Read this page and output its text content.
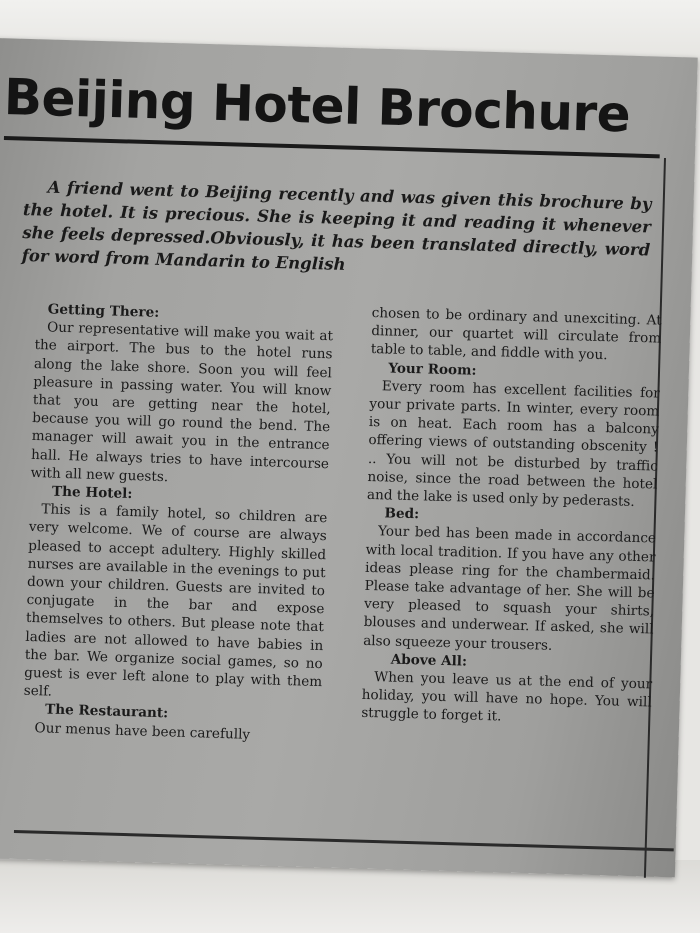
Beijing Hotel Brochure

A friend went to Beijing recently and was given this brochure by the hotel. It is precious. She is keeping it and reading it whenever she feels depressed.Obviously, it has been translated directly, word for word from Mandarin to English

Getting There:

Our representative will make you wait at the airport. The bus to the hotel runs along the lake shore. Soon you will feel pleasure in passing water. You will know that you are getting near the hotel, because you will go round the bend. The manager will await you in the entrance hall. He always tries to have intercourse with all new guests.

The Hotel:

This is a family hotel, so children are very welcome. We of course are always pleased to accept adultery. Highly skilled nurses are available in the evenings to put down your children. Guests are invited to conjugate in the bar and expose themselves to others. But please note that ladies are not allowed to have babies in the bar. We organize social games, so no guest is ever left alone to play with them self.

The Restaurant:

Our menus have been carefully

chosen to be ordinary and unexciting. At dinner, our quartet will circulate from table to table, and fiddle with you.

Your Room:

Every room has excellent facilities for your private parts. In winter, every room is on heat. Each room has a balcony offering views of outstanding obscenity ! .. You will not be disturbed by traffic noise, since the road between the hotel and the lake is used only by pederasts.

Bed:

Your bed has been made in accordance with local tradition. If you have any other ideas please ring for the chambermaid. Please take advantage of her. She will be very pleased to squash your shirts, blouses and underwear. If asked, she will also squeeze your trousers.

Above All:

When you leave us at the end of your holiday, you will have no hope. You will struggle to forget it.
